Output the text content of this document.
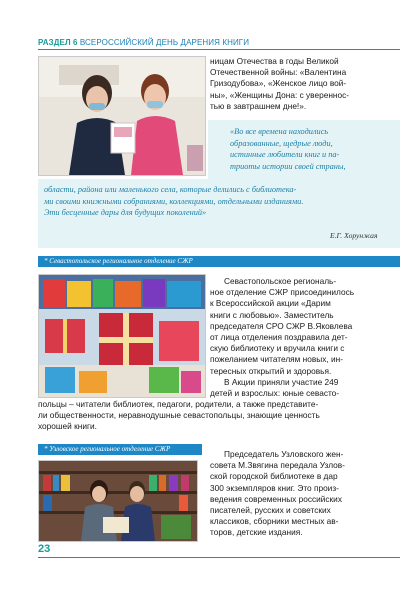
РАЗДЕЛ 6 ВСЕРОССИЙСКИЙ ДЕНЬ ДАРЕНИЯ КНИГИ
ницам Отечества в годы Великой
Отечественной войны: «Валентина
Гризодубова», «Женское лицо вой-
ны», «Женщины Дона: с увереннос-
тью в завтрашнем дне!».
«Во все времена находились
образованные, щедрые люди,
истинные любители книг и па-
триоты истории своей страны,
области, района или маленького села, которые делились с библиотека-
ми своими книжными собраниями, коллекциями, отдельными изданиями.
Эти бесценные дары для будущих поколений»
Е.Г. Хорунжая
* Севастопольское региональное отделение СЖР
Севастопольское региональ-
ное отделение СЖР присоединилось
к Всероссийской акции «Дарим
книги с любовью». Заместитель
председателя СРО СЖР В.Яковлева
от лица отделения поздравила дет-
скую библиотеку и вручила книги с
пожеланием читателям новых, ин-
тересных открытий и здоровья.
В Акции приняли участие 249
детей и взрослых: юные севасто-
польцы – читатели библиотек, педагоги, родители, а также представите-
ли общественности, неравнодушные севастопольцы, знающие ценность
хорошей книги.
* Узловское региональное отделение СЖР	Председатель Узловского жен-
совета М.Звягина передала Узлов-
ской городской библиотеке в дар
300 экземпляров книг. Это произ-
ведения современных российских
писателей, русских и советских
классиков, сборники местных ав-
торов, детские издания.
23
